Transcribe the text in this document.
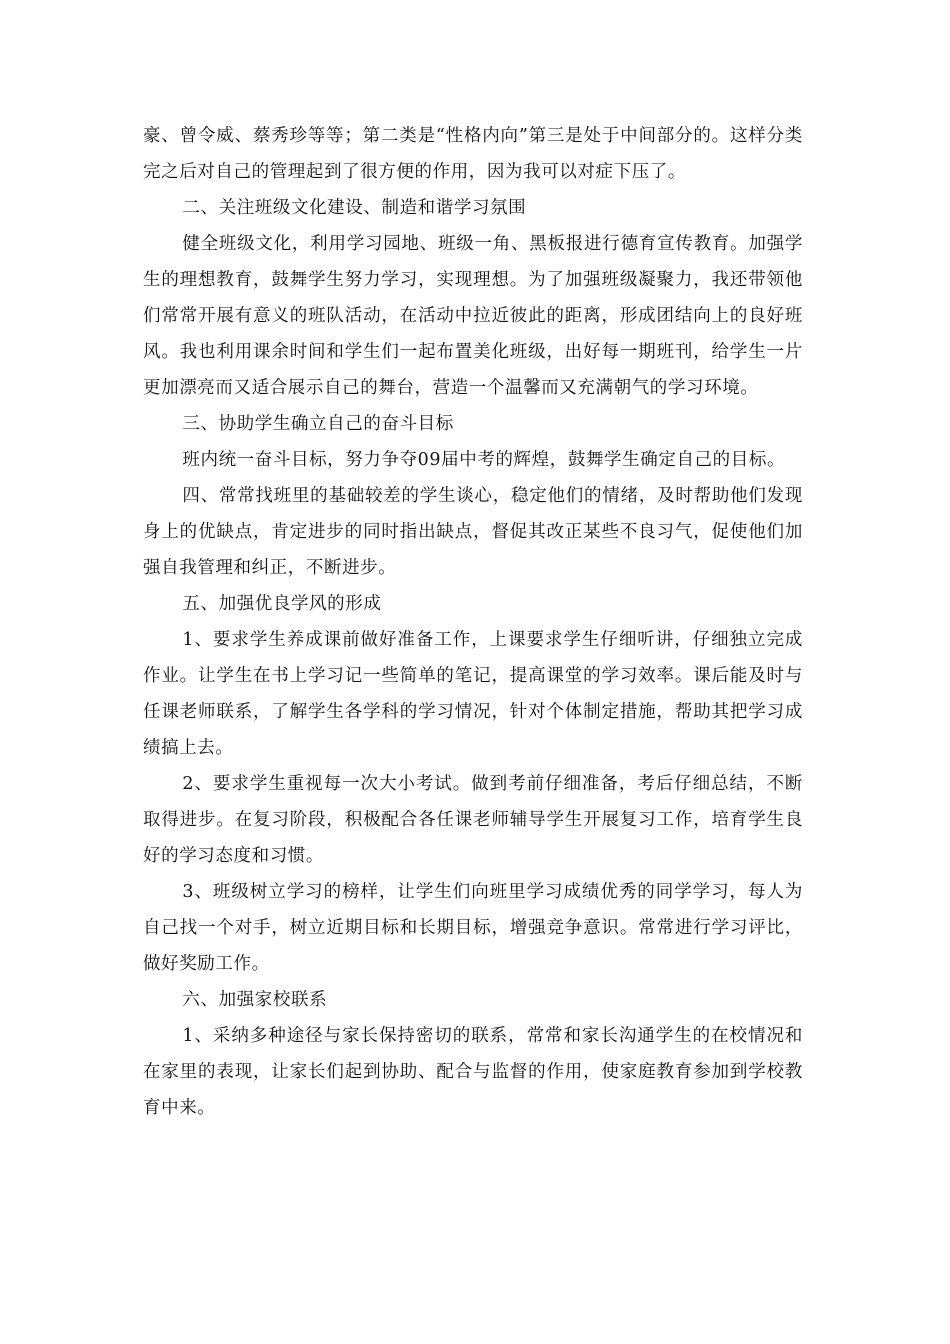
豪、曾令威、蔡秀珍等等；第二类是“性格内向”第三是处于中间部分的。这样分类完之后对自己的管理起到了很方便的作用，因为我可以对症下压了。

二、关注班级文化建设、制造和谐学习氛围

健全班级文化，利用学习园地、班级一角、黑板报进行德育宣传教育。加强学生的理想教育，鼓舞学生努力学习，实现理想。为了加强班级凝聚力，我还带领他们常常开展有意义的班队活动，在活动中拉近彼此的距离，形成团结向上的良好班风。我也利用课余时间和学生们一起布置美化班级，出好每一期班刊，给学生一片更加漂亮而又适合展示自己的舞台，营造一个温馨而又充满朝气的学习环境。

三、协助学生确立自己的奋斗目标

班内统一奋斗目标，努力争夺09届中考的辉煌，鼓舞学生确定自己的目标。

四、常常找班里的基础较差的学生谈心，稳定他们的情绪，及时帮助他们发现身上的优缺点，肯定进步的同时指出缺点，督促其改正某些不良习气，促使他们加强自我管理和纠正，不断进步。

五、加强优良学风的形成

1、要求学生养成课前做好准备工作，上课要求学生仔细听讲，仔细独立完成作业。让学生在书上学习记一些简单的笔记，提高课堂的学习效率。课后能及时与任课老师联系，了解学生各学科的学习情况，针对个体制定措施，帮助其把学习成绩搞上去。

2、要求学生重视每一次大小考试。做到考前仔细准备，考后仔细总结，不断取得进步。在复习阶段，积极配合各任课老师辅导学生开展复习工作，培育学生良好的学习态度和习惯。

3、班级树立学习的榜样，让学生们向班里学习成绩优秀的同学学习，每人为自己找一个对手，树立近期目标和长期目标，增强竞争意识。常常进行学习评比，做好奖励工作。

六、加强家校联系

1、采纳多种途径与家长保持密切的联系，常常和家长沟通学生的在校情况和在家里的表现，让家长们起到协助、配合与监督的作用，使家庭教育参加到学校教育中来。
